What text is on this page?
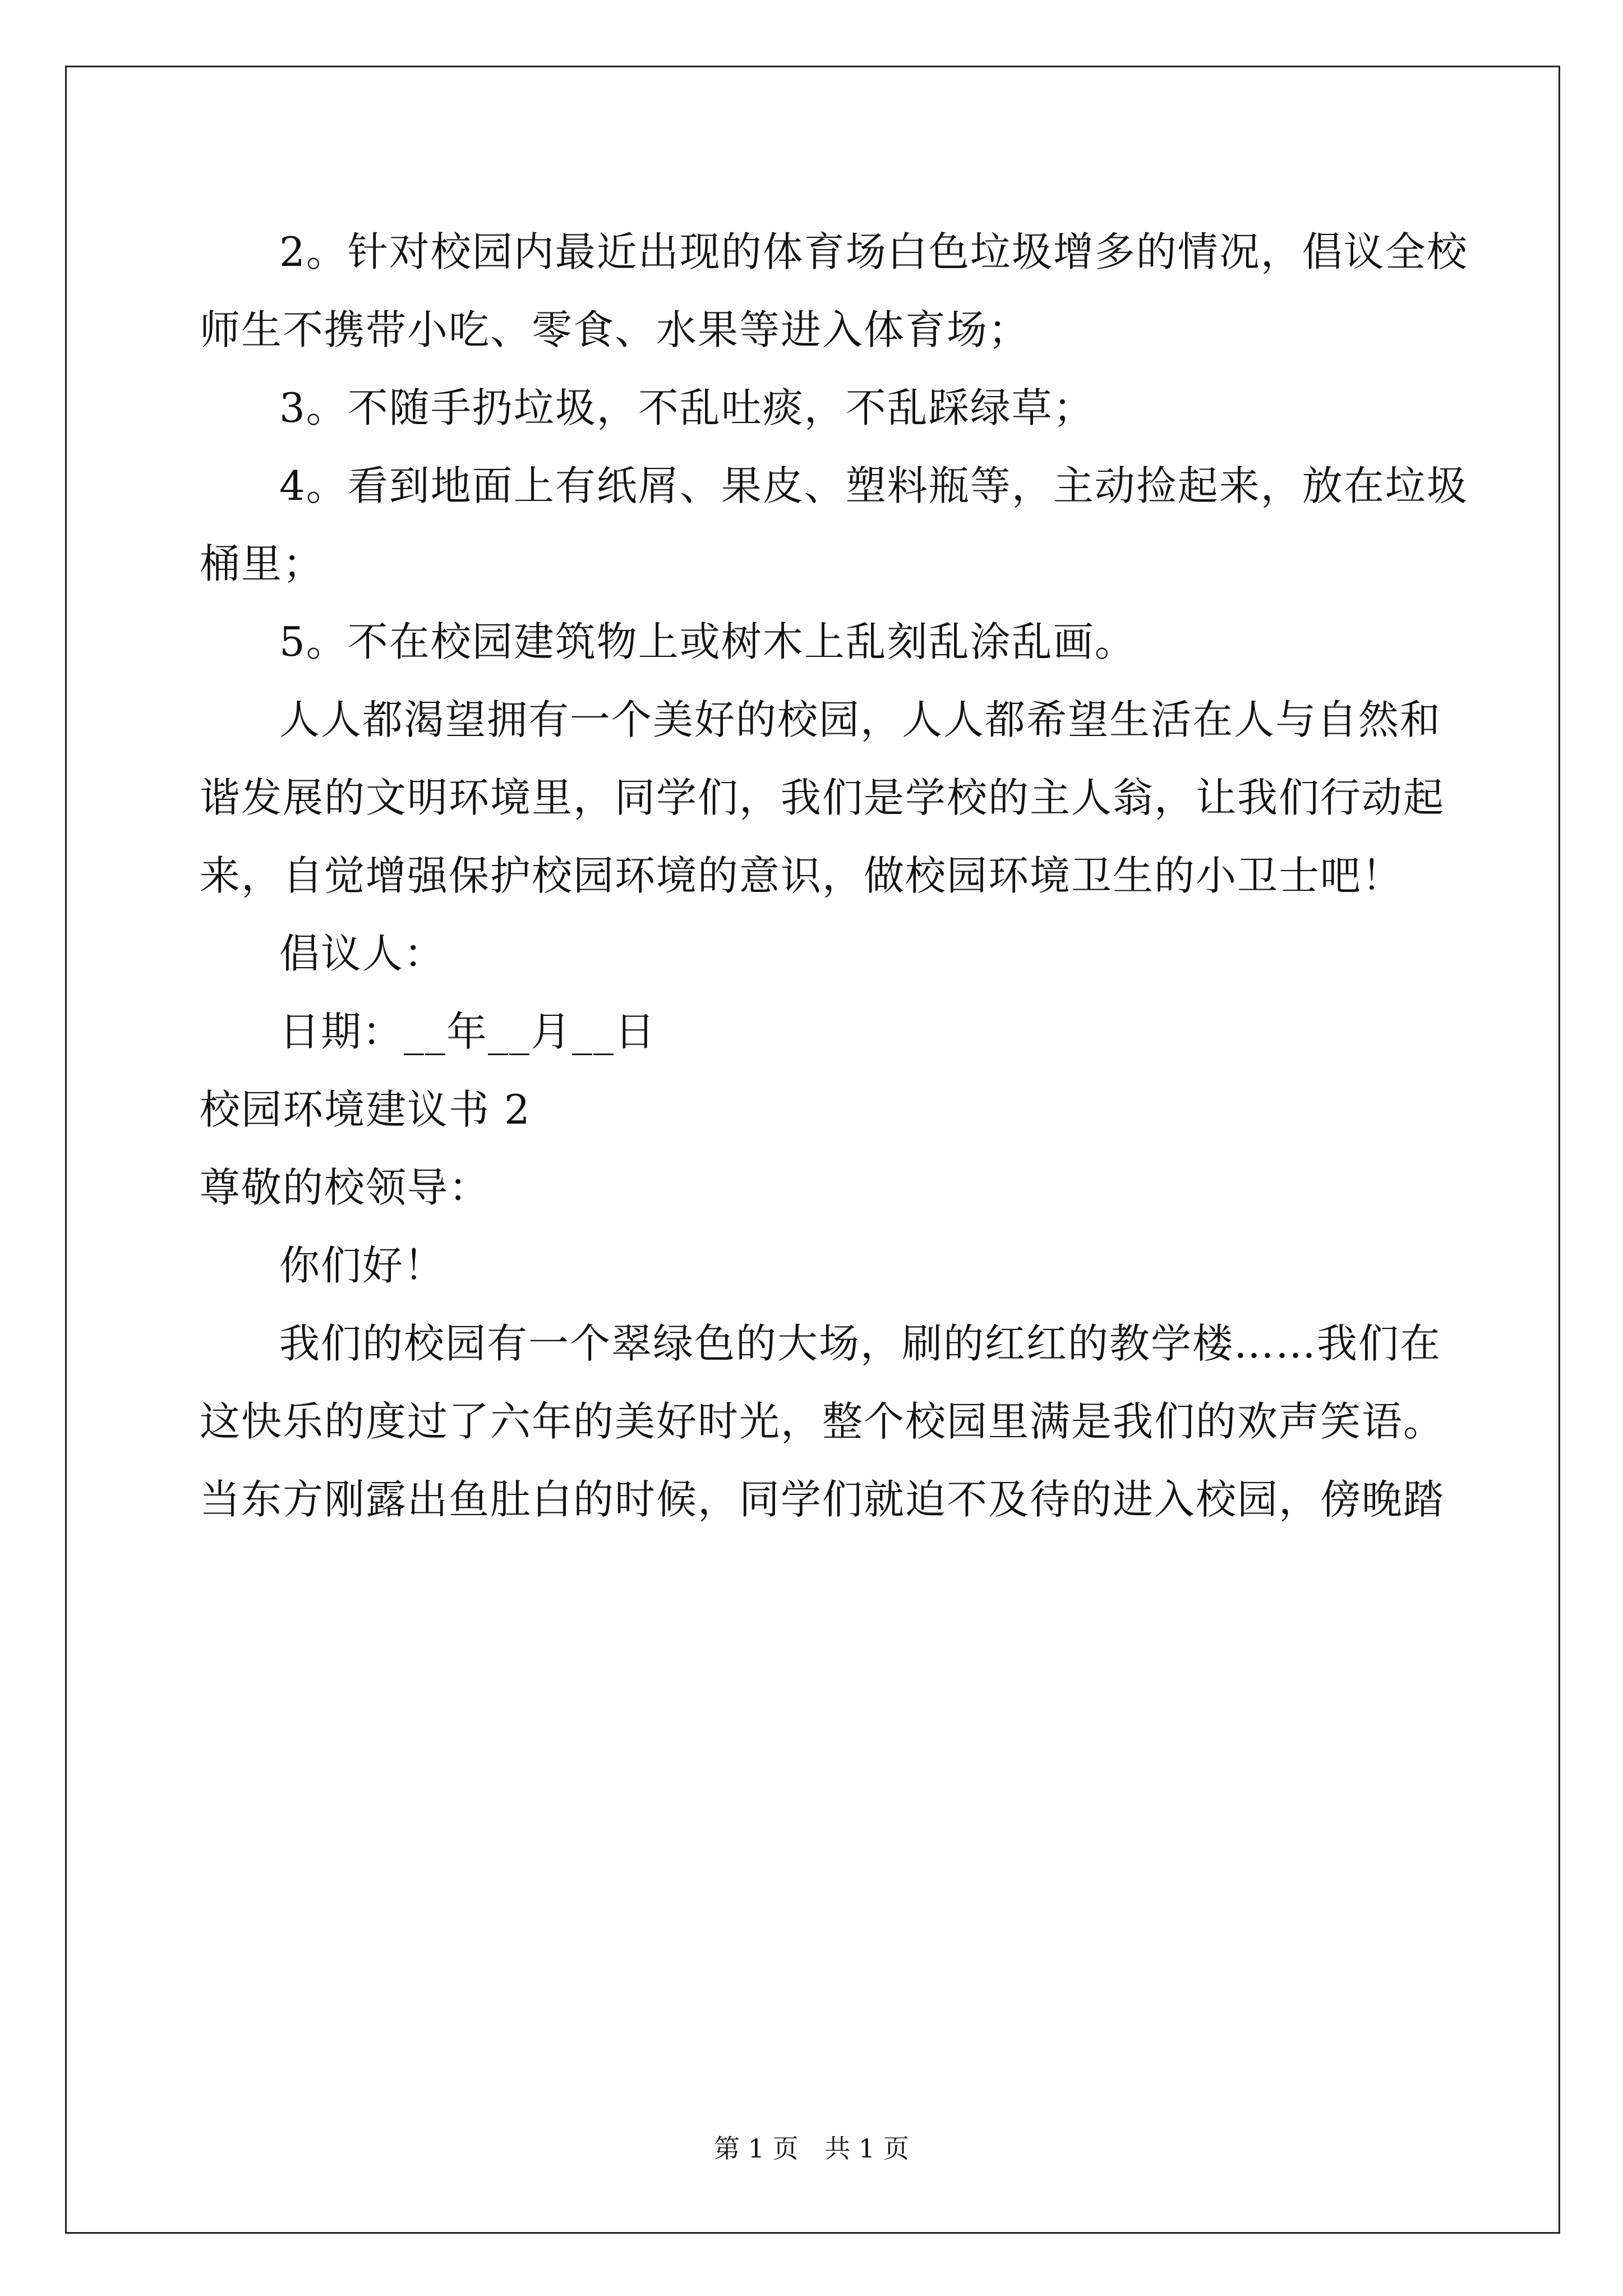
2。针对校园内最近出现的体育场白色垃圾增多的情况，倡议全校

师生不携带小吃、零食、水果等进入体育场；

3。不随手扔垃圾，不乱吐痰，不乱踩绿草；

4。看到地面上有纸屑、果皮、塑料瓶等，主动捡起来，放在垃圾

桶里；

5。不在校园建筑物上或树木上乱刻乱涂乱画。

人人都渴望拥有一个美好的校园，人人都希望生活在人与自然和

谐发展的文明环境里，同学们，我们是学校的主人翁，让我们行动起

来，自觉增强保护校园环境的意识，做校园环境卫生的小卫士吧！

倡议人：

日期：__年__月__日

校园环境建议书 2

尊敬的校领导：

你们好！

我们的校园有一个翠绿色的大场，刷的红红的教学楼……我们在

这快乐的度过了六年的美好时光，整个校园里满是我们的欢声笑语。

当东方刚露出鱼肚白的时候，同学们就迫不及待的进入校园，傍晚踏

第 1 页 共 1 页
